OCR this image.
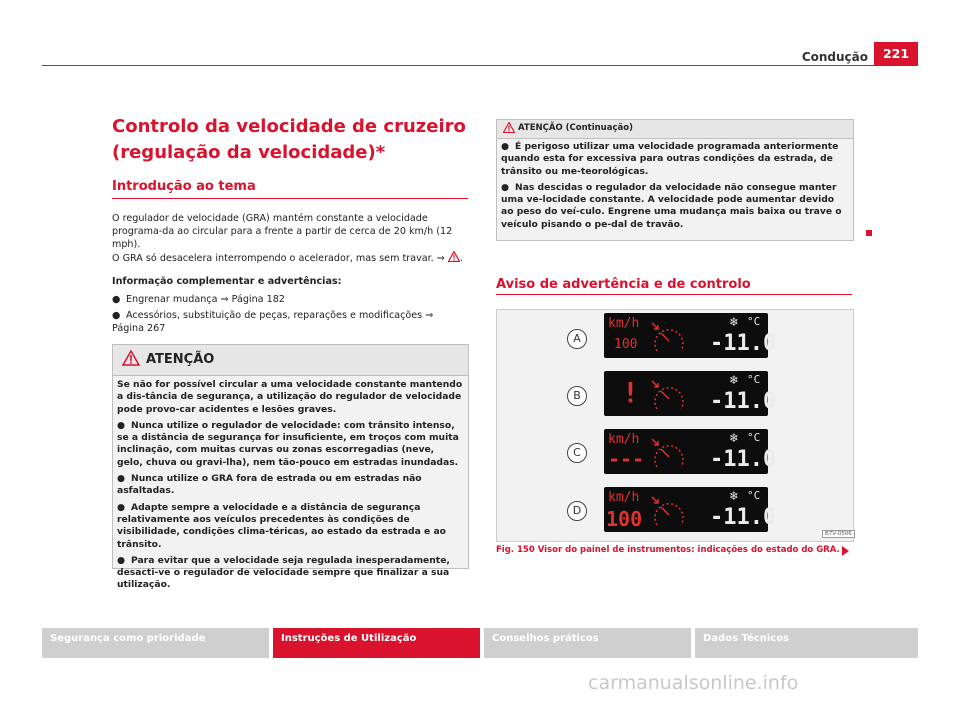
Condução	221
Controlo da velocidade de cruzeiro (regulação da velocidade)*
Introdução ao tema
O regulador de velocidade (GRA) mantém constante a velocidade programa-da ao circular para a frente a partir de cerca de 20 km/h (12 mph).
O GRA só desacelera interrompendo o acelerador, mas sem travar. ⇒ .
Informação complementar e advertências:
● Engrenar mudança ⇒ Página 182
● Acessórios, substituição de peças, reparações e modificações ⇒ Página 267
ATENÇÃO

Se não for possível circular a uma velocidade constante mantendo a dis-tância de segurança, a utilização do regulador de velocidade pode provo-car acidentes e lesões graves.

● Nunca utilize o regulador de velocidade: com trânsito intenso, se a distância de segurança for insuficiente, em troços com muita inclinação, com muitas curvas ou zonas escorregadias (neve, gelo, chuva ou gravi-lha), nem tão-pouco em estradas inundadas.

● Nunca utilize o GRA fora de estrada ou em estradas não asfaltadas.

● Adapte sempre a velocidade e a distância de segurança relativamente aos veículos precedentes às condições de visibilidade, condições clima-téricas, ao estado da estrada e ao trânsito.

● Para evitar que a velocidade seja regulada inesperadamente, desacti-ve o regulador de velocidade sempre que finalizar a sua utilização.

ATENÇÃO (Continuação)

● É perigoso utilizar uma velocidade programada anteriormente quando esta for excessiva para outras condições da estrada, de trânsito ou me-teorológicas.

● Nas descidas o regulador da velocidade não consegue manter uma ve-locidade constante. A velocidade pode aumentar devido ao peso do veí-culo. Engrene uma mudança mais baixa ou trave o veículo pisando o pe-dal de travão.

Aviso de advertência e de controlo
A
km/h
100
❄ °C
-11.0
B !	❄ °C
-11.0
C
km/h
---
❄ °C
-11.0
D
km/h
100
❄ °C
-11.0
B7V-0506
Fig. 150 Visor do painel de instrumentos: indicações do estado do GRA.
Segurança como prioridade	Instruções de Utilização	Conselhos práticos	Dados Técnicos
carmanualsonline.info
